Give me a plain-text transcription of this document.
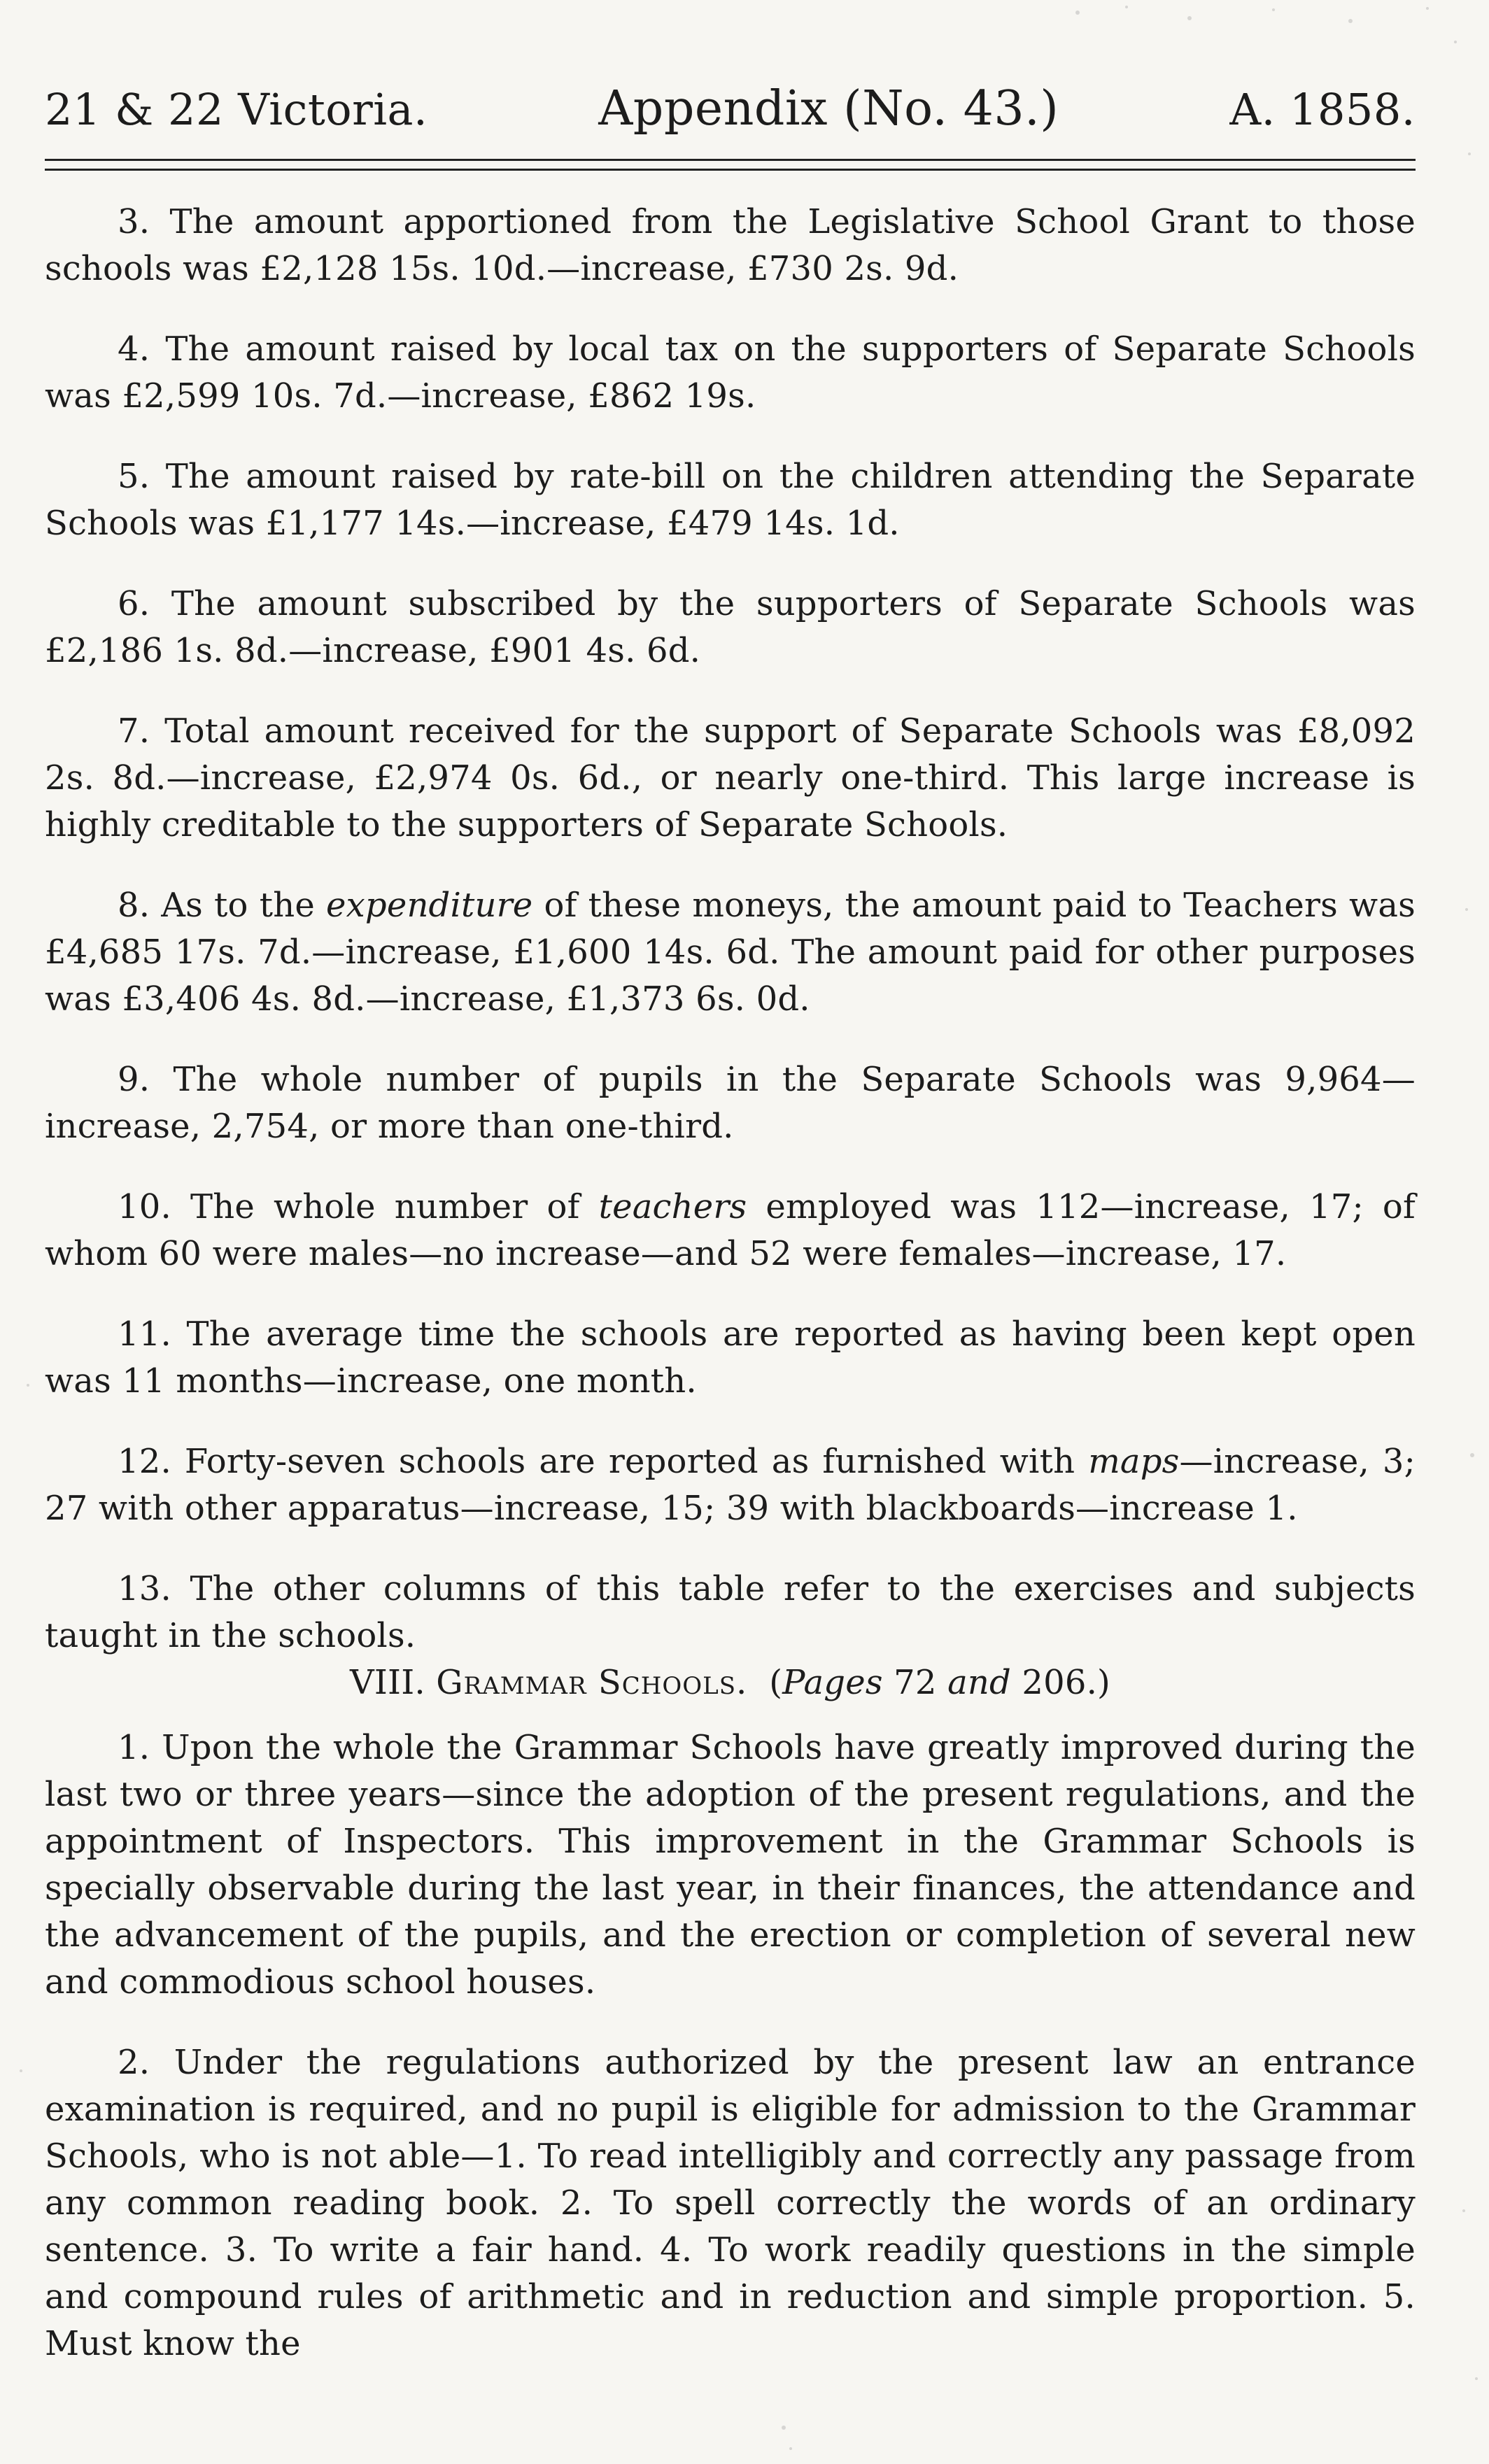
21 & 22 Victoria.	Appendix (No. 43.)	A. 1858.

3. The amount apportioned from the Legislative School Grant to those schools was £2,128 15s. 10d.—increase, £730 2s. 9d.

4. The amount raised by local tax on the supporters of Separate Schools was £2,599 10s. 7d.—increase, £862 19s.

5. The amount raised by rate-bill on the children attending the Separate Schools was £1,177 14s.—increase, £479 14s. 1d.

6. The amount subscribed by the supporters of Separate Schools was £2,186 1s. 8d.—increase, £901 4s. 6d.

7. Total amount received for the support of Separate Schools was £8,092 2s. 8d.—increase, £2,974 0s. 6d., or nearly one-third. This large increase is highly creditable to the supporters of Separate Schools.

8. As to the expenditure of these moneys, the amount paid to Teachers was £4,685 17s. 7d.—increase, £1,600 14s. 6d. The amount paid for other purposes was £3,406 4s. 8d.—increase, £1,373 6s. 0d.

9. The whole number of pupils in the Separate Schools was 9,964—increase, 2,754, or more than one-third.

10. The whole number of teachers employed was 112—increase, 17; of whom 60 were males—no increase—and 52 were females—increase, 17.

11. The average time the schools are reported as having been kept open was 11 months—increase, one month.

12. Forty-seven schools are reported as furnished with maps—increase, 3; 27 with other apparatus—increase, 15; 39 with blackboards—increase 1.

13. The other columns of this table refer to the exercises and subjects taught in the schools.

VIII. Grammar Schools. (Pages 72 and 206.)

1. Upon the whole the Grammar Schools have greatly improved during the last two or three years—since the adoption of the present regulations, and the appointment of Inspectors. This improvement in the Grammar Schools is specially observable during the last year, in their finances, the attendance and the advancement of the pupils, and the erection or completion of several new and commodious school houses.

2. Under the regulations authorized by the present law an entrance examination is required, and no pupil is eligible for admission to the Grammar Schools, who is not able—1. To read intelligibly and correctly any passage from any common reading book. 2. To spell correctly the words of an ordinary sentence. 3. To write a fair hand. 4. To work readily questions in the simple and compound rules of arithmetic and in reduction and simple proportion. 5. Must know the
